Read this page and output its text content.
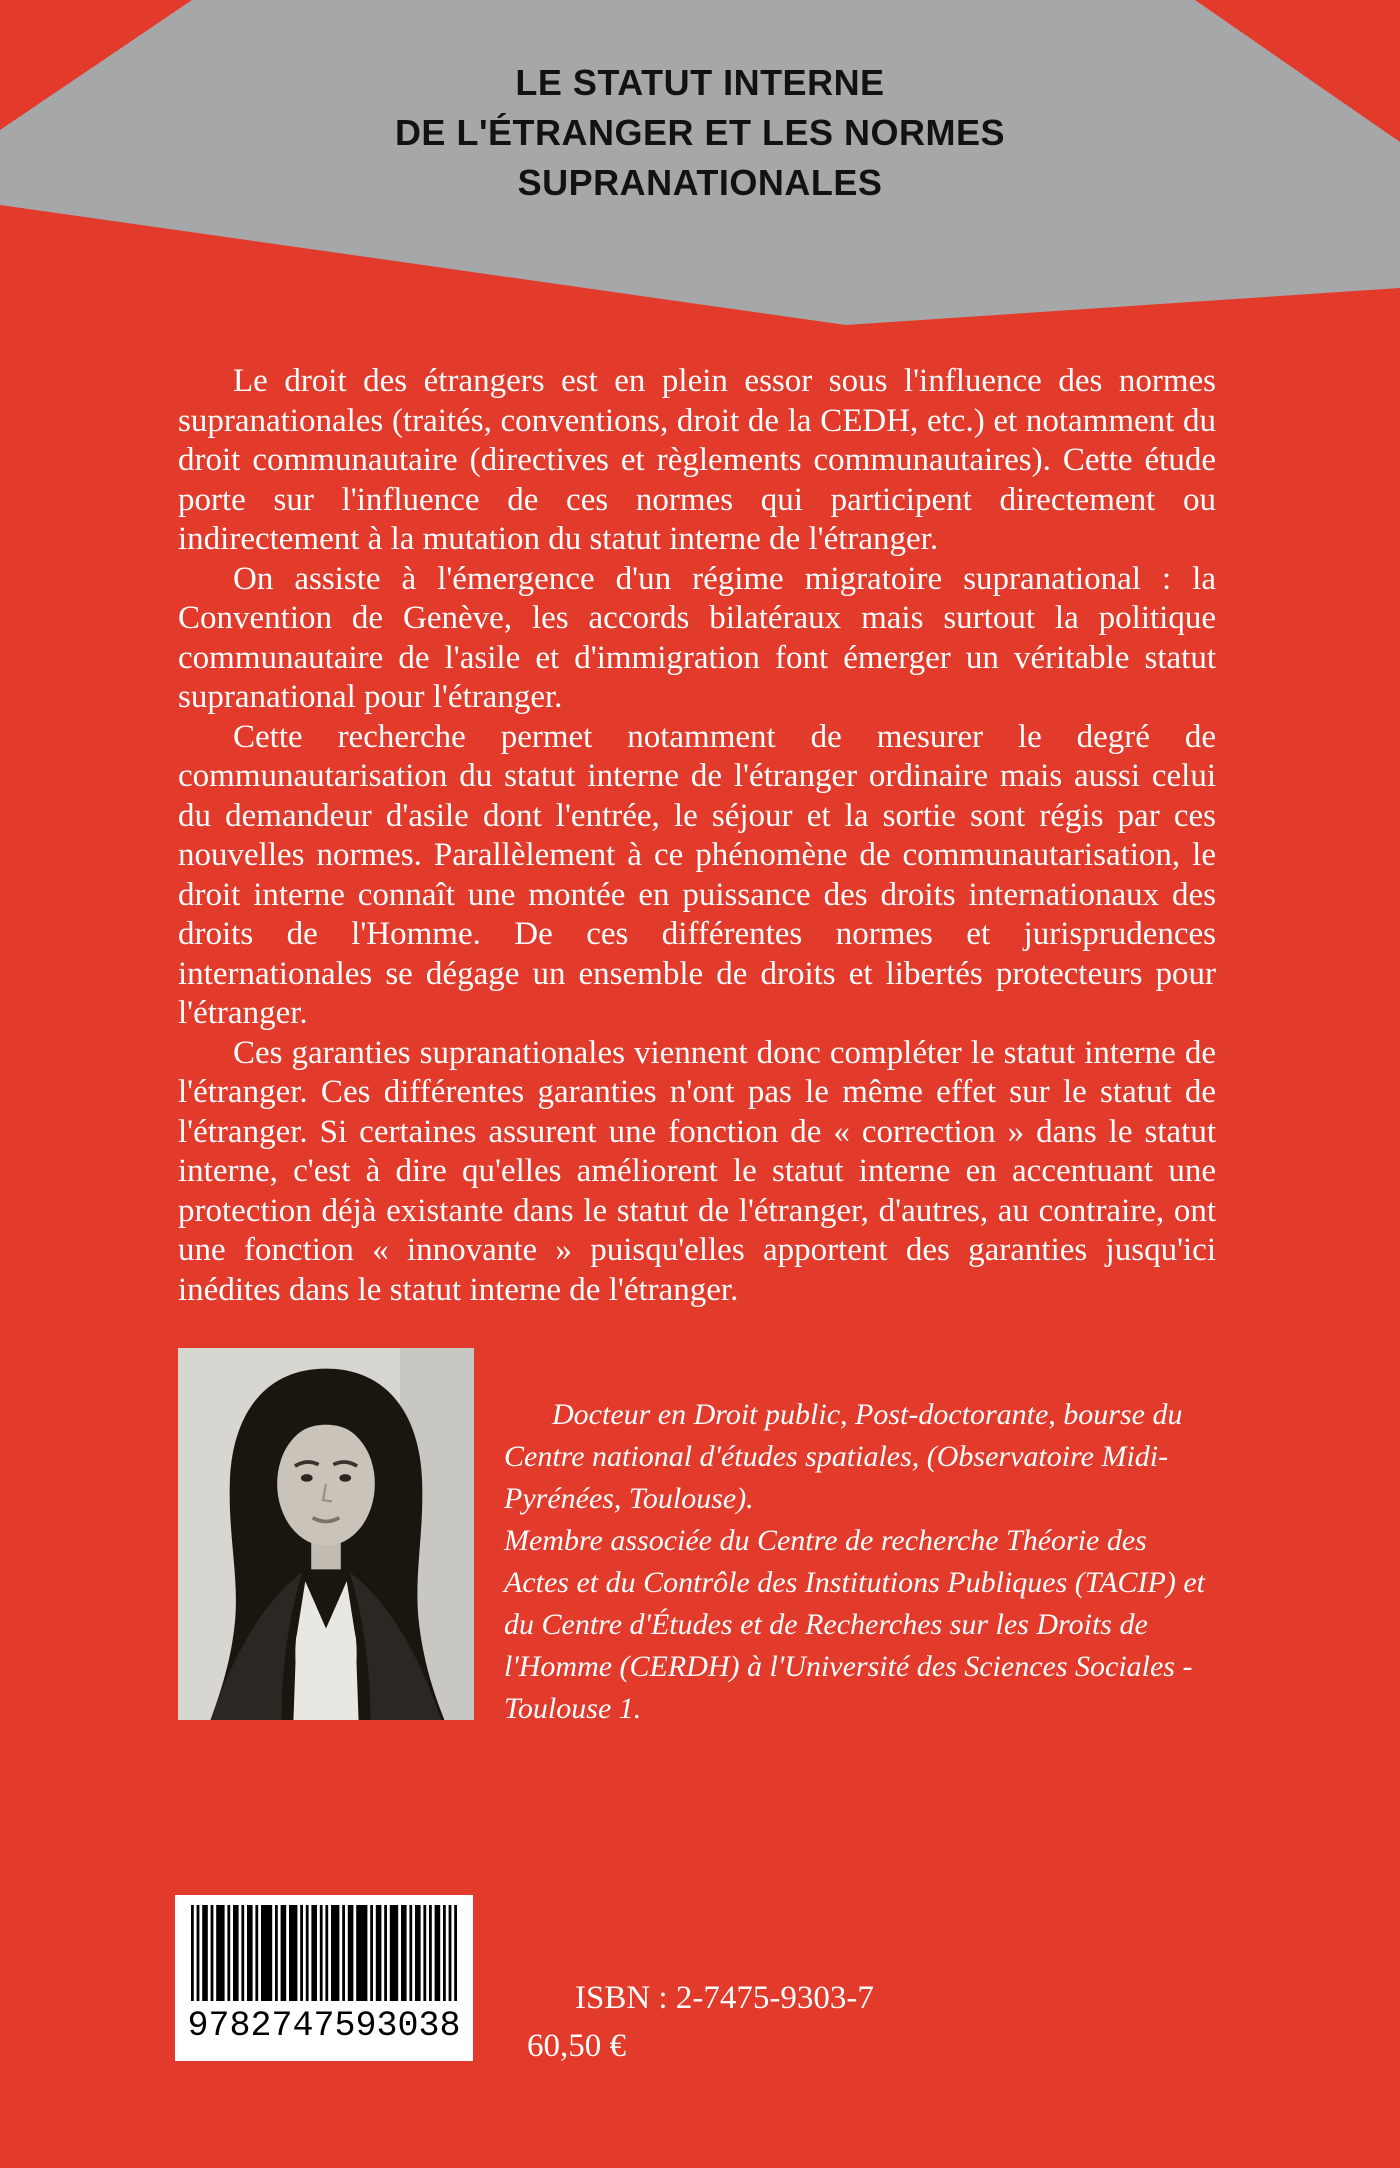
LE STATUT INTERNE
DE L'ÉTRANGER ET LES NORMES
SUPRANATIONALES

Le droit des étrangers est en plein essor sous l'influence des normes supranationales (traités, conventions, droit de la CEDH, etc.) et notamment du droit communautaire (directives et règlements communautaires). Cette étude porte sur l'influence de ces normes qui participent directement ou indirectement à la mutation du statut interne de l'étranger.

On assiste à l'émergence d'un régime migratoire supranational : la Convention de Genève, les accords bilatéraux mais surtout la politique communautaire de l'asile et d'immigration font émerger un véritable statut supranational pour l'étranger.

Cette recherche permet notamment de mesurer le degré de communautarisation du statut interne de l'étranger ordinaire mais aussi celui du demandeur d'asile dont l'entrée, le séjour et la sortie sont régis par ces nouvelles normes. Parallèlement à ce phénomène de communautarisation, le droit interne connaît une montée en puissance des droits internationaux des droits de l'Homme. De ces différentes normes et jurisprudences internationales se dégage un ensemble de droits et libertés protecteurs pour l'étranger.

Ces garanties supranationales viennent donc compléter le statut interne de l'étranger. Ces différentes garanties n'ont pas le même effet sur le statut de l'étranger. Si certaines assurent une fonction de « correction » dans le statut interne, c'est à dire qu'elles améliorent le statut interne en accentuant une protection déjà existante dans le statut de l'étranger, d'autres, au contraire, ont une fonction « innovante » puisqu'elles apportent des garanties jusqu'ici inédites dans le statut interne de l'étranger.

Docteur en Droit public, Post-doctorante, bourse du Centre national d'études spatiales, (Observatoire Midi-Pyrénées, Toulouse).

Membre associée du Centre de recherche Théorie des Actes et du Contrôle des Institutions Publiques (TACIP) et du Centre d'Études et de Recherches sur les Droits de l'Homme (CERDH) à l'Université des Sciences Sociales -Toulouse 1.

9782747593038
ISBN : 2-7475-9303-7
60,50 €
